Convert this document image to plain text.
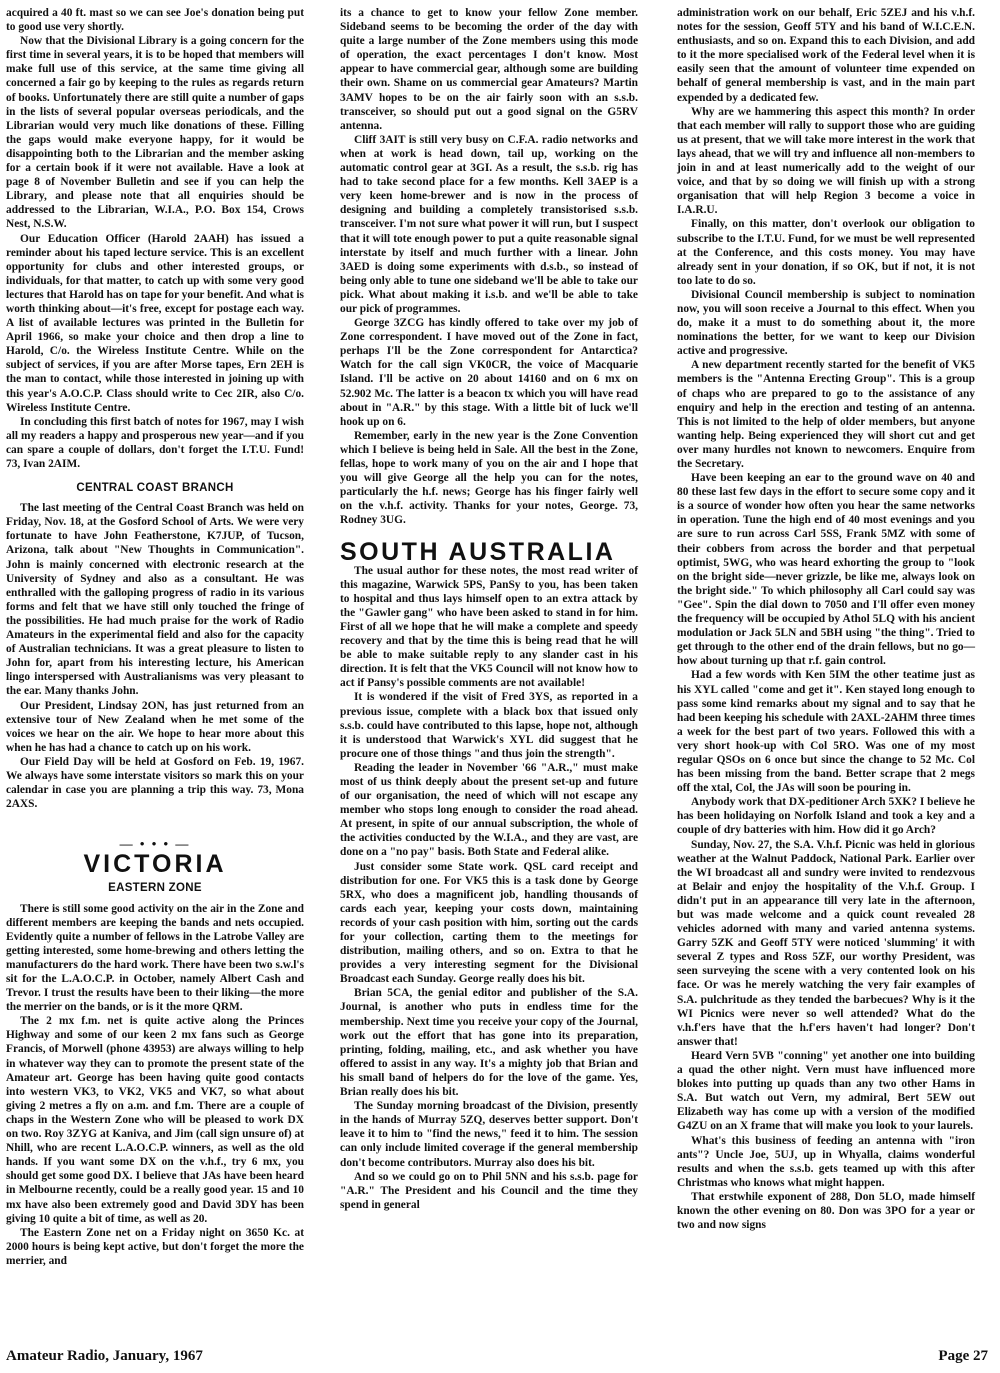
acquired a 40 ft. mast so we can see Joe's donation being put to good use very shortly.

Now that the Divisional Library is a going concern for the first time in several years, it is to be hoped that members will make full use of this service, at the same time giving all concerned a fair go by keeping to the rules as regards return of books. Unfortunately there are still quite a number of gaps in the lists of several popular overseas periodicals, and the Librarian would very much like donations of these. Filling the gaps would make everyone happy, for it would be disappointing both to the Librarian and the member asking for a certain book if it were not available. Have a look at page 8 of November Bulletin and see if you can help the Library, and please note that all enquiries should be addressed to the Librarian, W.I.A., P.O. Box 154, Crows Nest, N.S.W.

Our Education Officer (Harold 2AAH) has issued a reminder about his taped lecture service. This is an excellent opportunity for clubs and other interested groups, or individuals, for that matter, to catch up with some very good lectures that Harold has on tape for your benefit. And what is worth thinking about—it's free, except for postage each way. A list of available lectures was printed in the Bulletin for April 1966, so make your choice and then drop a line to Harold, C/o. the Wireless Institute Centre. While on the subject of services, if you are after Morse tapes, Ern 2EH is the man to contact, while those interested in joining up with this year's A.O.C.P. Class should write to Cec 2IR, also C/o. Wireless Institute Centre.

In concluding this first batch of notes for 1967, may I wish all my readers a happy and prosperous new year—and if you can spare a couple of dollars, don't forget the I.T.U. Fund! 73, Ivan 2AIM.

CENTRAL COAST BRANCH

The last meeting of the Central Coast Branch was held on Friday, Nov. 18, at the Gosford School of Arts. We were very fortunate to have John Featherstone, K7JUP, of Tucson, Arizona, talk about "New Thoughts in Communication". John is mainly concerned with electronic research at the University of Sydney and also as a consultant. He was enthralled with the galloping progress of radio in its various forms and felt that we have still only touched the fringe of the possibilities. He had much praise for the work of Radio Amateurs in the experimental field and also for the capacity of Australian technicians. It was a great pleasure to listen to John for, apart from his interesting lecture, his American lingo interspersed with Australianisms was very pleasant to the ear. Many thanks John.

Our President, Lindsay 2ON, has just returned from an extensive tour of New Zealand when he met some of the voices we hear on the air. We hope to hear more about this when he has had a chance to catch up on his work.

Our Field Day will be held at Gosford on Feb. 19, 1967. We always have some interstate visitors so mark this on your calendar in case you are planning a trip this way. 73, Mona 2AXS.

— • • • —
VICTORIA
EASTERN ZONE

There is still some good activity on the air in the Zone and different members are keeping the bands and nets occupied. Evidently quite a number of fellows in the Latrobe Valley are getting interested, some home-brewing and others letting the manufacturers do the hard work. There have been two s.w.l's sit for the L.A.O.C.P. in October, namely Albert Cash and Trevor. I trust the results have been to their liking—the more the merrier on the bands, or is it the more QRM.

The 2 mx f.m. net is quite active along the Princes Highway and some of our keen 2 mx fans such as George Francis, of Morwell (phone 43953) are always willing to help in whatever way they can to promote the present state of the Amateur art. George has been having quite good contacts into western VK3, to VK2, VK5 and VK7, so what about giving 2 metres a fly on a.m. and f.m. There are a couple of chaps in the Western Zone who will be pleased to work DX on two. Roy 3ZYG at Kaniva, and Jim (call sign unsure of) at Nhill, who are recent L.A.O.C.P. winners, as well as the old hands. If you want some DX on the v.h.f., try 6 mx, you should get some good DX. I believe that JAs have been heard in Melbourne recently, could be a really good year. 15 and 10 mx have also been extremely good and David 3DY has been giving 10 quite a bit of time, as well as 20.

The Eastern Zone net on a Friday night on 3650 Kc. at 2000 hours is being kept active, but don't forget the more the merrier, and

its a chance to get to know your fellow Zone member. Sideband seems to be becoming the order of the day with quite a large number of the Zone members using this mode of operation, the exact percentages I don't know. Most appear to have commercial gear, although some are building their own. Shame on us commercial gear Amateurs? Martin 3AMV hopes to be on the air fairly soon with an s.s.b. transceiver, so should put out a good signal on the G5RV antenna.

Cliff 3AIT is still very busy on C.F.A. radio networks and when at work is head down, tail up, working on the automatic control gear at 3GI. As a result, the s.s.b. rig has had to take second place for a few months. Kell 3AEP is a very keen home-brewer and is now in the process of designing and building a completely transistorised s.s.b. transceiver. I'm not sure what power it will run, but I suspect that it will tote enough power to put a quite reasonable signal interstate by itself and much further with a linear. John 3AED is doing some experiments with d.s.b., so instead of being only able to tune one sideband we'll be able to take our pick. What about making it i.s.b. and we'll be able to take our pick of programmes.

George 3ZCG has kindly offered to take over my job of Zone correspondent. I have moved out of the Zone in fact, perhaps I'll be the Zone correspondent for Antarctica? Watch for the call sign VK0CR, the voice of Macquarie Island. I'll be active on 20 about 14160 and on 6 mx on 52.902 Mc. The latter is a beacon tx which you will have read about in "A.R." by this stage. With a little bit of luck we'll hook up on 6.

Remember, early in the new year is the Zone Convention which I believe is being held in Sale. All the best in the Zone, fellas, hope to work many of you on the air and I hope that you will give George all the help you can for the notes, particularly the h.f. news; George has his finger fairly well on the v.h.f. activity. Thanks for your notes, George. 73, Rodney 3UG.

SOUTH AUSTRALIA

The usual author for these notes, the most read writer of this magazine, Warwick 5PS, PanSy to you, has been taken to hospital and thus lays himself open to an extra attack by the "Gawler gang" who have been asked to stand in for him. First of all we hope that he will make a complete and speedy recovery and that by the time this is being read that he will be able to make suitable reply to any slander cast in his direction. It is felt that the VK5 Council will not know how to act if Pansy's possible comments are not available!

It is wondered if the visit of Fred 3YS, as reported in a previous issue, complete with a black box that issued only s.s.b. could have contributed to this lapse, hope not, although it is understood that Warwick's XYL did suggest that he procure one of those things "and thus join the strength".

Reading the leader in November '66 "A.R.," must make most of us think deeply about the present set-up and future of our organisation, the need of which will not escape any member who stops long enough to consider the road ahead. At present, in spite of our annual subscription, the whole of the activities conducted by the W.I.A., and they are vast, are done on a "no pay" basis. Both State and Federal alike.

Just consider some State work. QSL card receipt and distribution for one. For VK5 this is a task done by George 5RX, who does a magnificent job, handling thousands of cards each year, keeping your costs down, maintaining records of your cash position with him, sorting out the cards for your collection, carting them to the meetings for distribution, mailing others, and so on. Extra to that he provides a very interesting segment for the Divisional Broadcast each Sunday. George really does his bit.

Brian 5CA, the genial editor and publisher of the S.A. Journal, is another who puts in endless time for the membership. Next time you receive your copy of the Journal, work out the effort that has gone into its preparation, printing, folding, mailing, etc., and ask whether you have offered to assist in any way. It's a mighty job that Brian and his small band of helpers do for the love of the game. Yes, Brian really does his bit.

The Sunday morning broadcast of the Division, presently in the hands of Murray 5ZQ, deserves better support. Don't leave it to him to "find the news," feed it to him. The session can only include limited coverage if the general membership don't become contributors. Murray also does his bit.

And so we could go on to Phil 5NN and his s.s.b. page for "A.R." The President and his Council and the time they spend in general

administration work on our behalf, Eric 5ZEJ and his v.h.f. notes for the session, Geoff 5TY and his band of W.I.C.E.N. enthusiasts, and so on. Expand this to each Division, and add to it the more specialised work of the Federal level when it is easily seen that the amount of volunteer time expended on behalf of general membership is vast, and in the main part expended by a dedicated few.

Why are we hammering this aspect this month? In order that each member will rally to support those who are guiding us at present, that we will take more interest in the work that lays ahead, that we will try and influence all non-members to join in and at least numerically add to the weight of our voice, and that by so doing we will finish up with a strong organisation that will help Region 3 become a voice in I.A.R.U.

Finally, on this matter, don't overlook our obligation to subscribe to the I.T.U. Fund, for we must be well represented at the Conference, and this costs money. You may have already sent in your donation, if so OK, but if not, it is not too late to do so.

Divisional Council membership is subject to nomination now, you will soon receive a Journal to this effect. When you do, make it a must to do something about it, the more nominations the better, for we want to keep our Division active and progressive.

A new department recently started for the benefit of VK5 members is the "Antenna Erecting Group". This is a group of chaps who are prepared to go to the assistance of any enquiry and help in the erection and testing of an antenna. This is not limited to the help of older members, but anyone wanting help. Being experienced they will short cut and get over many hurdles not known to newcomers. Enquire from the Secretary.

Have been keeping an ear to the ground wave on 40 and 80 these last few days in the effort to secure some copy and it is a source of wonder how often you hear the same networks in operation. Tune the high end of 40 most evenings and you are sure to run across Carl 5SS, Frank 5MZ with some of their cobbers from across the border and that perpetual optimist, 5WG, who was heard exhorting the group to "look on the bright side—never grizzle, be like me, always look on the bright side." To which philosophy all Carl could say was "Gee". Spin the dial down to 7050 and I'll offer even money the frequency will be occupied by Athol 5LQ with his ancient modulation or Jack 5LN and 5BH using "the thing". Tried to get through to the other end of the drain fellows, but no go—how about turning up that r.f. gain control.

Had a few words with Ken 5IM the other teatime just as his XYL called "come and get it". Ken stayed long enough to pass some kind remarks about my signal and to say that he had been keeping his schedule with 2AXL-2AHM three times a week for the best part of two years. Followed this with a very short hook-up with Col 5RO. Was one of my most regular QSOs on 6 once but since the change to 52 Mc. Col has been missing from the band. Better scrape that 2 megs off the xtal, Col, the JAs will soon be pouring in.

Anybody work that DX-peditioner Arch 5XK? I believe he has been holidaying on Norfolk Island and took a key and a couple of dry batteries with him. How did it go Arch?

Sunday, Nov. 27, the S.A. V.h.f. Picnic was held in glorious weather at the Walnut Paddock, National Park. Earlier over the WI broadcast all and sundry were invited to rendezvous at Belair and enjoy the hospitality of the V.h.f. Group. I didn't put in an appearance till very late in the afternoon, but was made welcome and a quick count revealed 28 vehicles adorned with many and varied antenna systems. Garry 5ZK and Geoff 5TY were noticed 'slumming' it with several Z types and Ross 5ZF, our worthy President, was seen surveying the scene with a very contented look on his face. Or was he merely watching the very fair examples of S.A. pulchritude as they tended the barbecues? Why is it the WI Picnics were never so well attended? What do the v.h.f'ers have that the h.f'ers haven't had longer? Don't answer that!

Heard Vern 5VB "conning" yet another one into building a quad the other night. Vern must have influenced more blokes into putting up quads than any two other Hams in S.A. But watch out Vern, my admiral, Bert 5EW out Elizabeth way has come up with a version of the modified G4ZU on an X frame that will make you look to your laurels.

What's this business of feeding an antenna with "iron ants"? Uncle Joe, 5UJ, up in Whyalla, claims wonderful results and when the s.s.b. gets teamed up with this after Christmas who knows what might happen.

That erstwhile exponent of 288, Don 5LO, made himself known the other evening on 80. Don was 3PO for a year or two and now signs

Amateur Radio, January, 1967	Page 27
